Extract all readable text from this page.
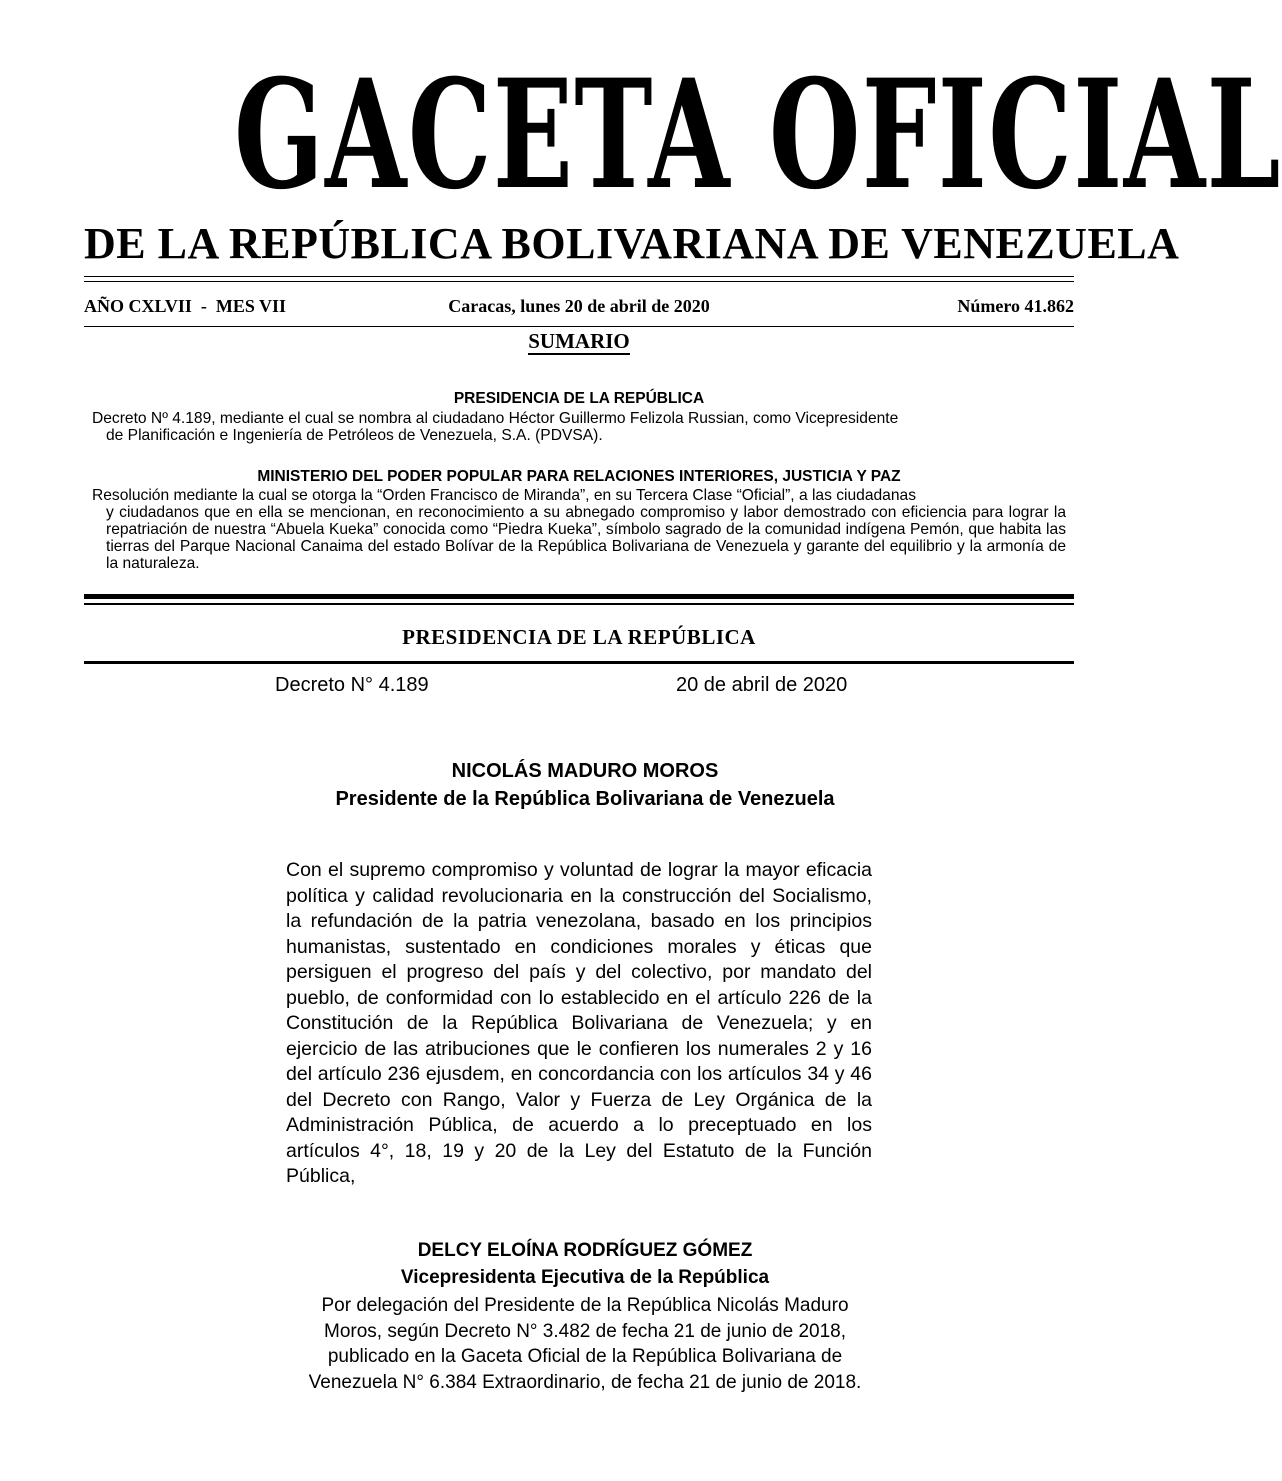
GACETA OFICIAL
DE LA REPÚBLICA BOLIVARIANA DE VENEZUELA
AÑO CXLVII  -  MES VII	Caracas, lunes 20 de abril de 2020	Número 41.862
SUMARIO
PRESIDENCIA DE LA REPÚBLICA
Decreto Nº 4.189, mediante el cual se nombra al ciudadano Héctor Guillermo Felizola Russian, como Vicepresidente
de Planificación e Ingeniería de Petróleos de Venezuela, S.A. (PDVSA).
MINISTERIO DEL PODER POPULAR PARA RELACIONES INTERIORES, JUSTICIA Y PAZ
Resolución mediante la cual se otorga la “Orden Francisco de Miranda”, en su Tercera Clase “Oficial”, a las ciudadanas
y ciudadanos que en ella se mencionan, en reconocimiento a su abnegado compromiso y labor demostrado con eficiencia para lograr la repatriación de nuestra “Abuela Kueka” conocida como “Piedra Kueka”, símbolo sagrado de la comunidad indígena Pemón, que habita las tierras del Parque Nacional Canaima del estado Bolívar de la República Bolivariana de Venezuela y garante del equilibrio y la armonía de la naturaleza.
PRESIDENCIA DE LA REPÚBLICA
Decreto N° 4.189	20 de abril de 2020
NICOLÁS MADURO MOROS
Presidente de la República Bolivariana de Venezuela
Con el supremo compromiso y voluntad de lograr la mayor eficacia política y calidad revolucionaria en la construcción del Socialismo, la refundación de la patria venezolana, basado en los principios humanistas, sustentado en condiciones morales y éticas que persiguen el progreso del país y del colectivo, por mandato del pueblo, de conformidad con lo establecido en el artículo 226 de la Constitución de la República Bolivariana de Venezuela; y en ejercicio de las atribuciones que le confieren los numerales 2 y 16 del artículo 236 ejusdem, en concordancia con los artículos 34 y 46 del Decreto con Rango, Valor y Fuerza de Ley Orgánica de la Administración Pública, de acuerdo a lo preceptuado en los artículos 4°, 18, 19 y 20 de la Ley del Estatuto de la Función Pública,
DELCY ELOÍNA RODRÍGUEZ GÓMEZ
Vicepresidenta Ejecutiva de la República
Por delegación del Presidente de la República Nicolás Maduro
Moros, según Decreto N° 3.482 de fecha 21 de junio de 2018,
publicado en la Gaceta Oficial de la República Bolivariana de
Venezuela N° 6.384 Extraordinario, de fecha 21 de junio de 2018.
